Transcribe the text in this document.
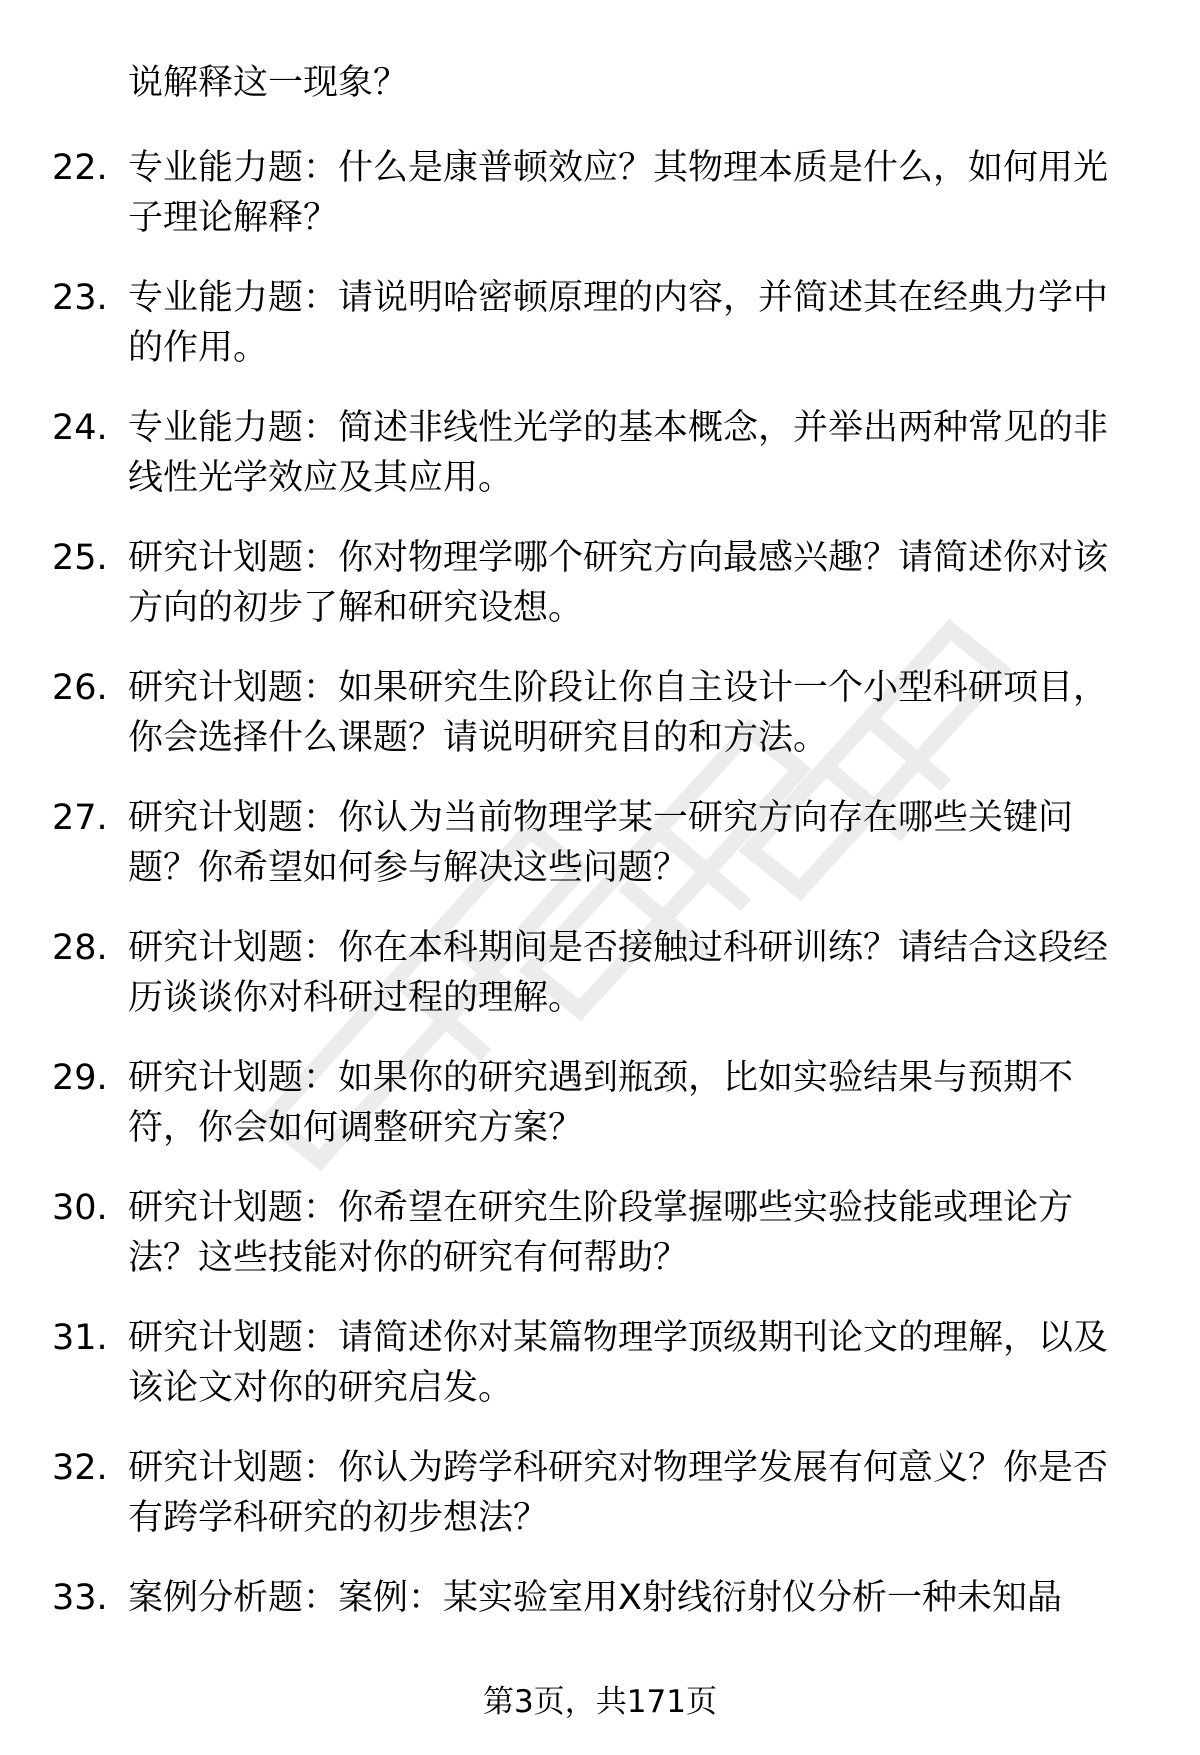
说解释这一现象？
22. 专业能力题：什么是康普顿效应？其物理本质是什么，如何用光子理论解释？
23. 专业能力题：请说明哈密顿原理的内容，并简述其在经典力学中的作用。
24. 专业能力题：简述非线性光学的基本概念，并举出两种常见的非线性光学效应及其应用。
25. 研究计划题：你对物理学哪个研究方向最感兴趣？请简述你对该方向的初步了解和研究设想。
26. 研究计划题：如果研究生阶段让你自主设计一个小型科研项目，你会选择什么课题？请说明研究目的和方法。
27. 研究计划题：你认为当前物理学某一研究方向存在哪些关键问题？你希望如何参与解决这些问题？
28. 研究计划题：你在本科期间是否接触过科研训练？请结合这段经历谈谈你对科研过程的理解。
29. 研究计划题：如果你的研究遇到瓶颈，比如实验结果与预期不符，你会如何调整研究方案？
30. 研究计划题：你希望在研究生阶段掌握哪些实验技能或理论方法？这些技能对你的研究有何帮助？
31. 研究计划题：请简述你对某篇物理学顶级期刊论文的理解，以及该论文对你的研究启发。
32. 研究计划题：你认为跨学科研究对物理学发展有何意义？你是否有跨学科研究的初步想法？
33. 案例分析题：案例：某实验室用X射线衍射仪分析一种未知晶
第3页，共171页
